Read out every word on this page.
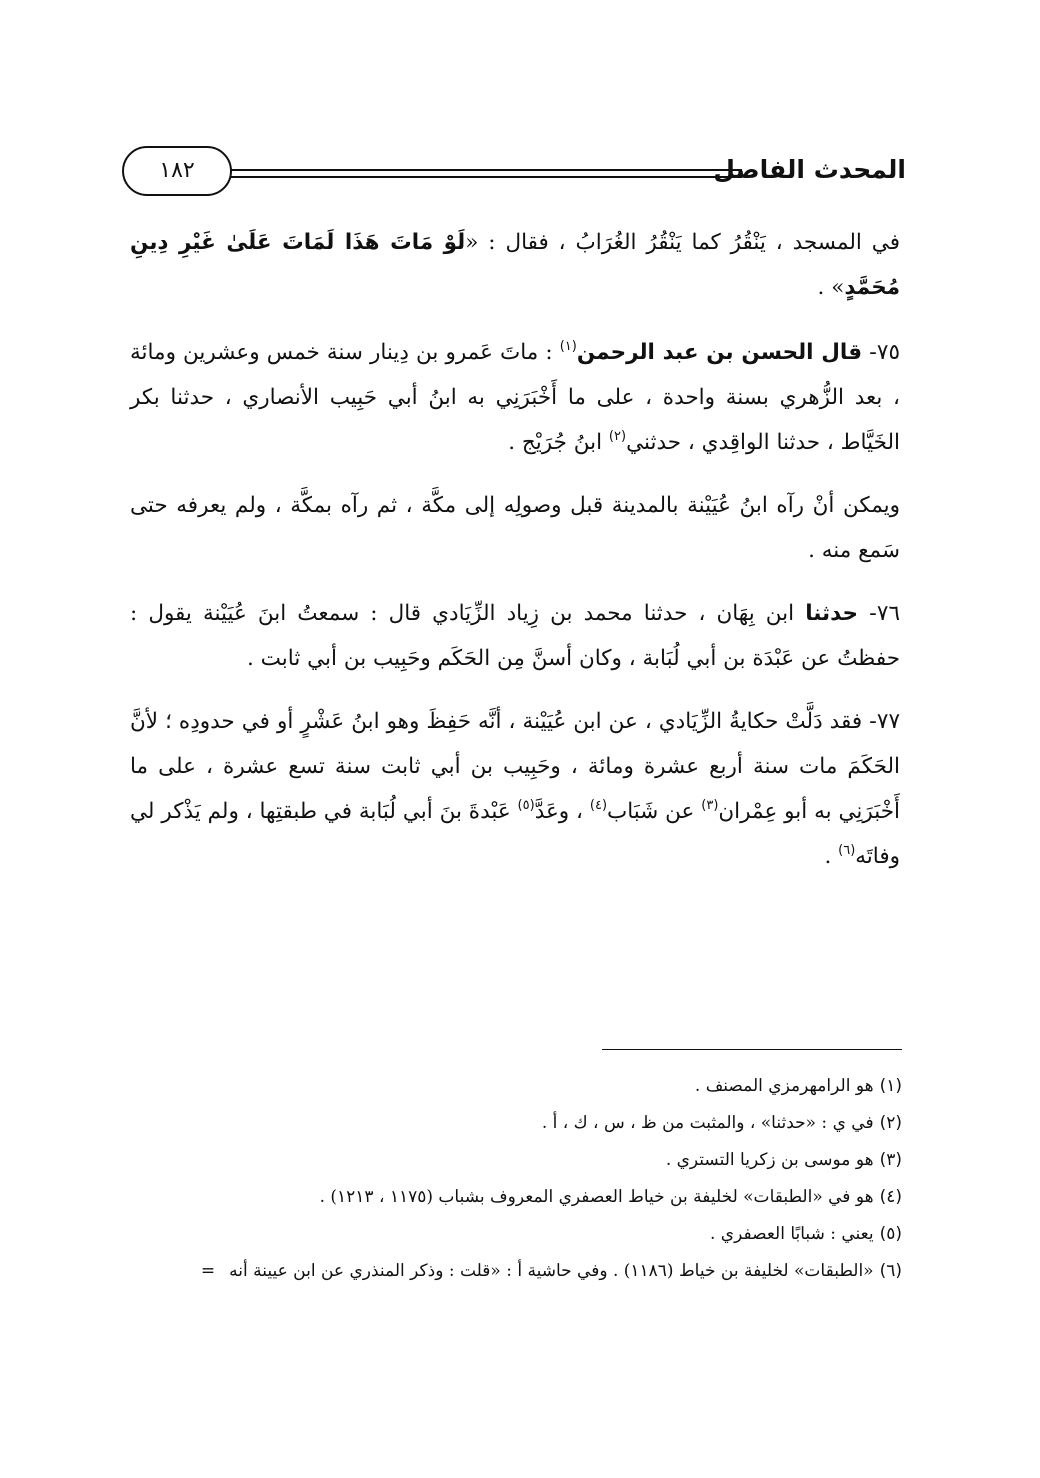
المحدث الفاصل
١٨٢

في المسجد ، يَنْقُرُ كما يَنْقُرُ الغُرَابُ ، فقال : «لَوْ مَاتَ هَذَا لَمَاتَ عَلَىٰ غَيْرِ دِينِ مُحَمَّدٍ» .

٧٥- قال الحسن بن عبد الرحمن$^{(١)}$ : ماتَ عَمرو بن دِينار سنة خمس وعشرين ومائة ، بعد الزُّهري بسنة واحدة ، على ما أَخْبَرَنِي به ابنُ أبي حَبِيب الأنصاري ، حدثنا بكر الخَيَّاط ، حدثنا الواقِدي ، حدثني$^{(٢)}$ ابنُ جُرَيْج .

ويمكن أنْ رآه ابنُ عُيَيْنة بالمدينة قبل وصولِه إلى مكَّة ، ثم رآه بمكَّة ، ولم يعرفه حتى سَمع منه .

٧٦- حدثنا ابن بِهَان ، حدثنا محمد بن زِياد الزِّيَادي قال : سمعتُ ابنَ عُيَيْنة يقول : حفظتُ عن عَبْدَة بن أبي لُبَابة ، وكان أسنَّ مِن الحَكَم وحَبِيب بن أبي ثابت .

٧٧- فقد دَلَّتْ حكايةُ الزِّيَادي ، عن ابن عُيَيْنة ، أنَّه حَفِظَ وهو ابنُ عَشْرٍ أو في حدودِه ؛ لأنَّ الحَكَمَ مات سنة أربع عشرة ومائة ، وحَبِيب بن أبي ثابت سنة تسع عشرة ، على ما أَخْبَرَنِي به أبو عِمْران$^{(٣)}$ عن شَبَاب$^{(٤)}$ ، وعَدَّ$^{(٥)}$ عَبْدةَ بنَ أبي لُبَابة في طبقتِها ، ولم يَذْكر لي وفاتَه$^{(٦)}$ .

(١)
هو الرامهرمزي المصنف .
(٢)
في ي : «حدثنا» ، والمثبت من ظ ، س ، ك ، أ .
(٣)
هو موسى بن زكريا التستري .
(٤)
هو في «الطبقات» لخليفة بن خياط العصفري المعروف بشباب (١١٧٥ ، ١٢١٣) .
(٥)
يعني : شبابًا العصفري .
(٦)
«الطبقات» لخليفة بن خياط (١١٨٦) . وفي حاشية أ : «قلت : وذكر المنذري عن ابن عيينة أنه
=
